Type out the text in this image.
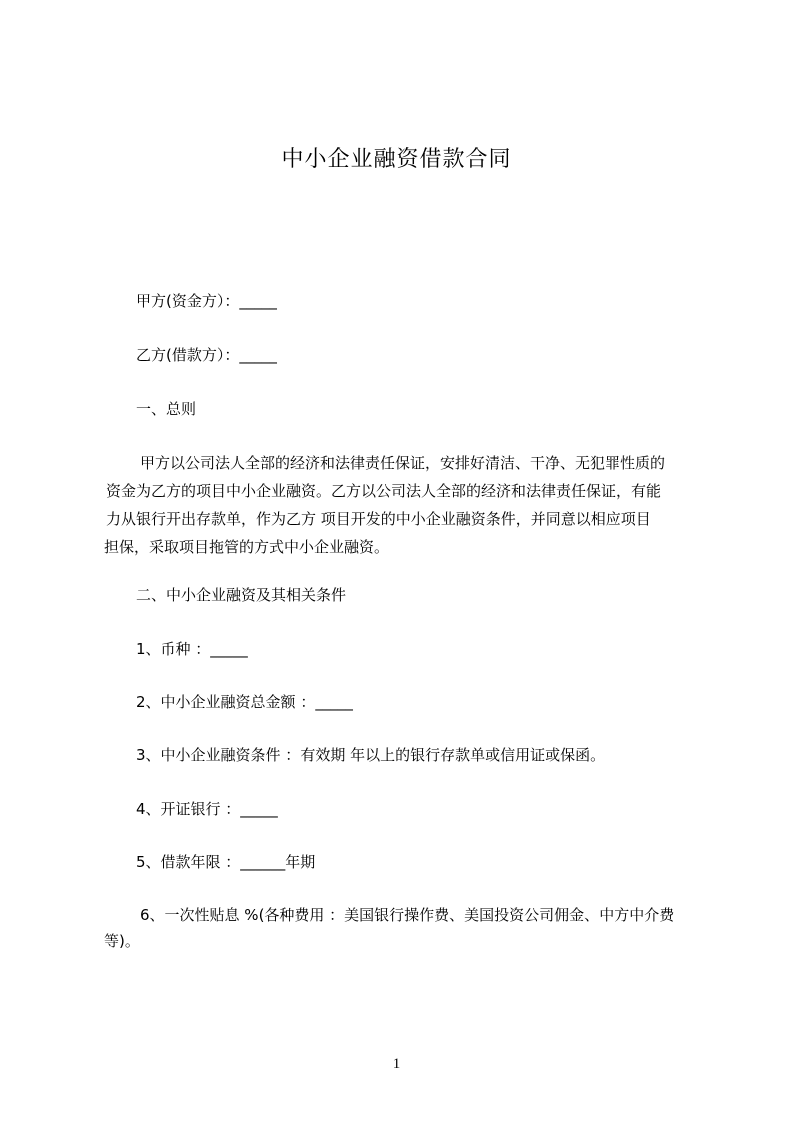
中小企业融资借款合同

甲方(资金方）：_____

乙方(借款方）：_____

一、总则

甲方以公司法人全部的经济和法律责任保证，安排好清洁、干净、无犯罪性质的
资金为乙方的项目中小企业融资。乙方以公司法人全部的经济和法律责任保证，有能
力从银行开出存款单，作为乙方 项目开发的中小企业融资条件，并同意以相应项目
担保，采取项目拖管的方式中小企业融资。

二、中小企业融资及其相关条件

1、币种 ：_____

2、中小企业融资总金额 ：_____

3、中小企业融资条件 ：有效期 年以上的银行存款单或信用证或保函。

4、开证银行 ：_____

5、借款年限 ：______年期

6、一次性贴息 %(各种费用 ：美国银行操作费、美国投资公司佣金、中方中介费
等)。

1
